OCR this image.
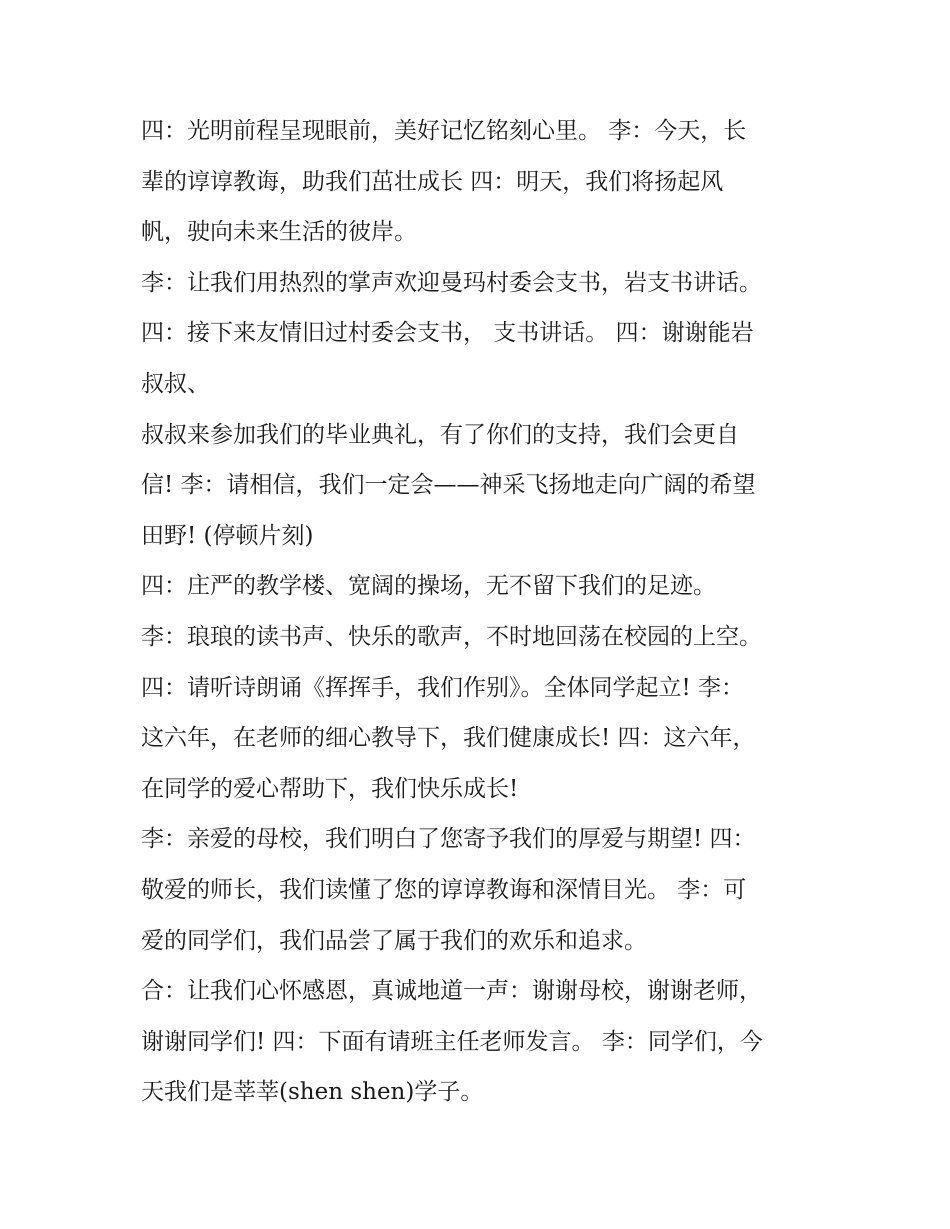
四：光明前程呈现眼前，美好记忆铭刻心里。 李：今天，长
辈的谆谆教诲，助我们茁壮成长 四：明天，我们将扬起风
帆，驶向未来生活的彼岸。
李：让我们用热烈的掌声欢迎曼玛村委会支书，岩支书讲话。
四：接下来友情旧过村委会支书， 支书讲话。 四：谢谢能岩
叔叔、
叔叔来参加我们的毕业典礼，有了你们的支持，我们会更自
信! 李：请相信，我们一定会——神采飞扬地走向广阔的希望
田野! (停顿片刻)
四：庄严的教学楼、宽阔的操场，无不留下我们的足迹。
李：琅琅的读书声、快乐的歌声，不时地回荡在校园的上空。
四：请听诗朗诵《挥挥手，我们作别》。全体同学起立! 李：
这六年，在老师的细心教导下，我们健康成长! 四：这六年，
在同学的爱心帮助下，我们快乐成长!
李：亲爱的母校，我们明白了您寄予我们的厚爱与期望! 四：
敬爱的师长，我们读懂了您的谆谆教诲和深情目光。 李：可
爱的同学们，我们品尝了属于我们的欢乐和追求。
合：让我们心怀感恩，真诚地道一声：谢谢母校，谢谢老师，
谢谢同学们! 四：下面有请班主任老师发言。 李：同学们，今
天我们是莘莘(shen shen)学子。
